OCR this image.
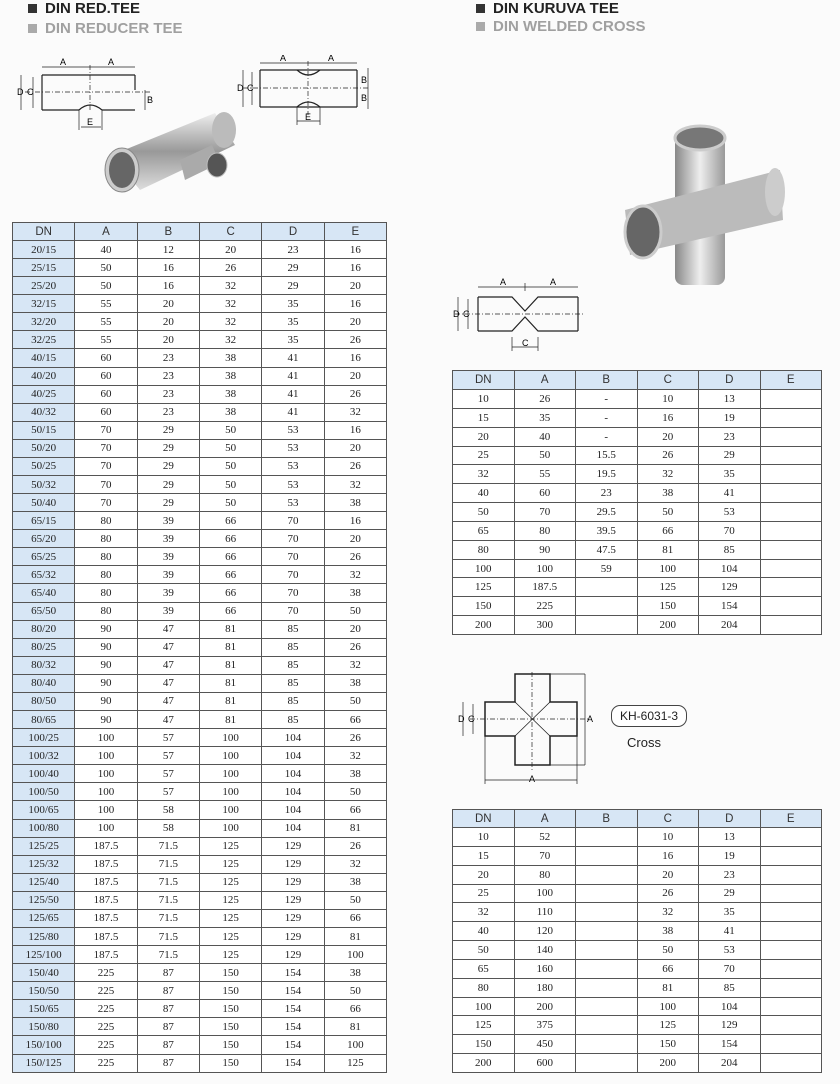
DIN RED.TEE
DIN REDUCER TEE
DIN KURUVA TEE
DIN WELDED CROSS
A	A
D C
B
E
A	A
D C
B
B
E
A	A
D C
C
D C	A
A
KH-6031-3
Cross
DN	A	B	C	D	E
20/15	40	12	20	23	16
25/15	50	16	26	29	16
25/20	50	16	32	29	20
32/15	55	20	32	35	16
32/20	55	20	32	35	20
32/25	55	20	32	35	26
40/15	60	23	38	41	16
40/20	60	23	38	41	20
40/25	60	23	38	41	26
40/32	60	23	38	41	32
50/15	70	29	50	53	16
50/20	70	29	50	53	20
50/25	70	29	50	53	26
50/32	70	29	50	53	32
50/40	70	29	50	53	38
65/15	80	39	66	70	16
65/20	80	39	66	70	20
65/25	80	39	66	70	26
65/32	80	39	66	70	32
65/40	80	39	66	70	38
65/50	80	39	66	70	50
80/20	90	47	81	85	20
80/25	90	47	81	85	26
80/32	90	47	81	85	32
80/40	90	47	81	85	38
80/50	90	47	81	85	50
80/65	90	47	81	85	66
100/25	100	57	100	104	26
100/32	100	57	100	104	32
100/40	100	57	100	104	38
100/50	100	57	100	104	50
100/65	100	58	100	104	66
100/80	100	58	100	104	81
125/25	187.5	71.5	125	129	26
125/32	187.5	71.5	125	129	32
125/40	187.5	71.5	125	129	38
125/50	187.5	71.5	125	129	50
125/65	187.5	71.5	125	129	66
125/80	187.5	71.5	125	129	81
125/100	187.5	71.5	125	129	100
150/40	225	87	150	154	38
150/50	225	87	150	154	50
150/65	225	87	150	154	66
150/80	225	87	150	154	81
150/100	225	87	150	154	100
150/125	225	87	150	154	125
DN	A	B	C	D	E
10	26	-	10	13	
15	35	-	16	19	
20	40	-	20	23	
25	50	15.5	26	29	
32	55	19.5	32	35	
40	60	23	38	41	
50	70	29.5	50	53	
65	80	39.5	66	70	
80	90	47.5	81	85	
100	100	59	100	104	
125	187.5		125	129	
150	225		150	154	
200	300		200	204	
DN	A	B	C	D	E
10	52		10	13	
15	70		16	19	
20	80		20	23	
25	100		26	29	
32	110		32	35	
40	120		38	41	
50	140		50	53	
65	160		66	70	
80	180		81	85	
100	200		100	104	
125	375		125	129	
150	450		150	154	
200	600		200	204	
